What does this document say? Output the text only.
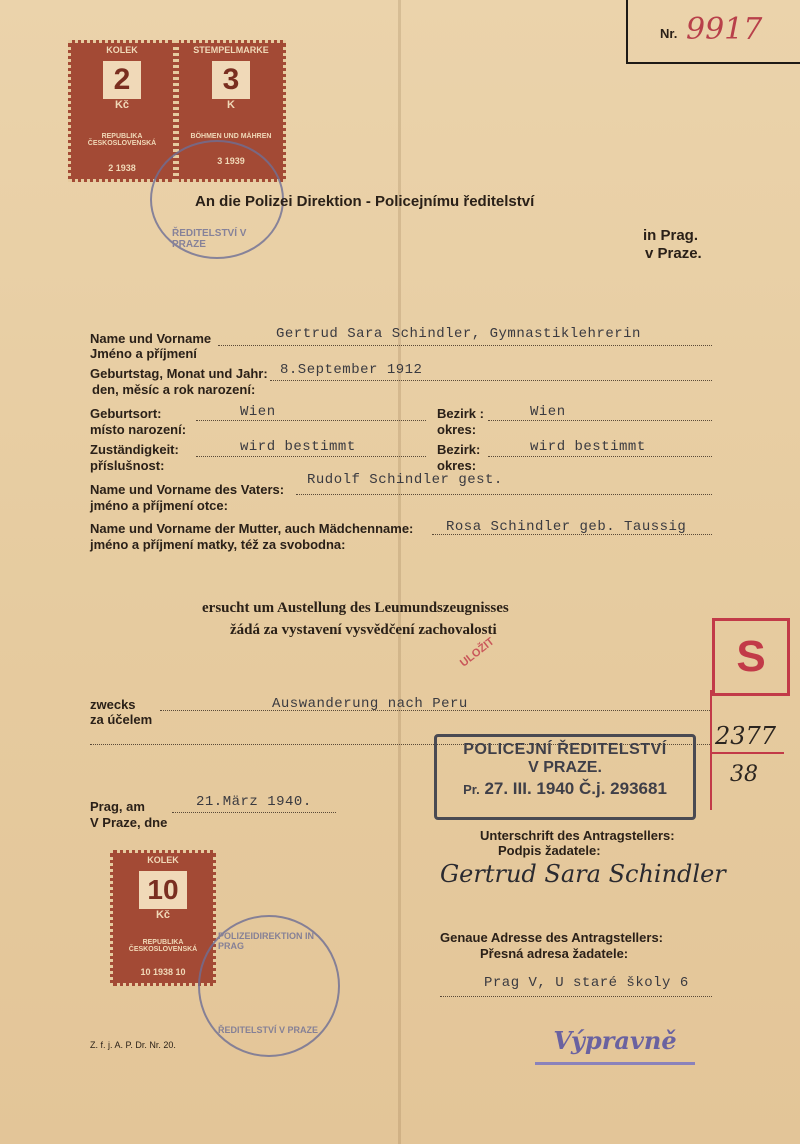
Nr. 9917
KOLEK
2
Kč
REPUBLIKA ČESKOSLOVENSKÁ
2 1938
STEMPELMARKE
3
K
BÖHMEN UND MÄHREN
3 1939
ŘEDITELSTVÍ V PRAZE
An die Polizei Direktion - Policejnímu ředitelství
in Prag.
v Praze.
Name und Vorname
Jméno a příjmení
Gertrud Sara Schindler, Gymnastiklehrerin
Geburtstag, Monat und Jahr:
den, měsíc a rok narození:
8.September 1912
Geburtsort:
místo narození:
Wien	Bezirk :
okres:
Wien
Zuständigkeit:
příslušnost:
wird bestimmt	Bezirk:
okres:
wird bestimmt
Name und Vorname des Vaters:
jméno a příjmení otce:
Rudolf Schindler gest.
Name und Vorname der Mutter, auch Mädchenname:
jméno a příjmení matky, též za svobodna:
Rosa Schindler geb. Taussig
ersucht um Austellung des Leumundszeugnisses
žádá za vystavení vysvědčení zachovalosti
ULOŽIT
zwecks
za účelem
Auswanderung nach Peru
POLICEJNÍ ŘEDITELSTVÍ
V PRAZE.
Pr. 27. III. 1940 Č.j. 293681
S
2377
38
Prag, am
V Praze, dne
21.März 1940.
Unterschrift des Antragstellers:
Podpis žadatele:
Gertrud Sara Schindler
KOLEK
10
Kč
REPUBLIKA ČESKOSLOVENSKÁ
10 1938 10
POLIZEIDIREKTION IN PRAG
ŘEDITELSTVÍ V PRAZE
Genaue Adresse des Antragstellers:
Přesná adresa žadatele:
Prag V, U staré školy 6
Výpravně
Z. f. j. A. P. Dr. Nr. 20.
